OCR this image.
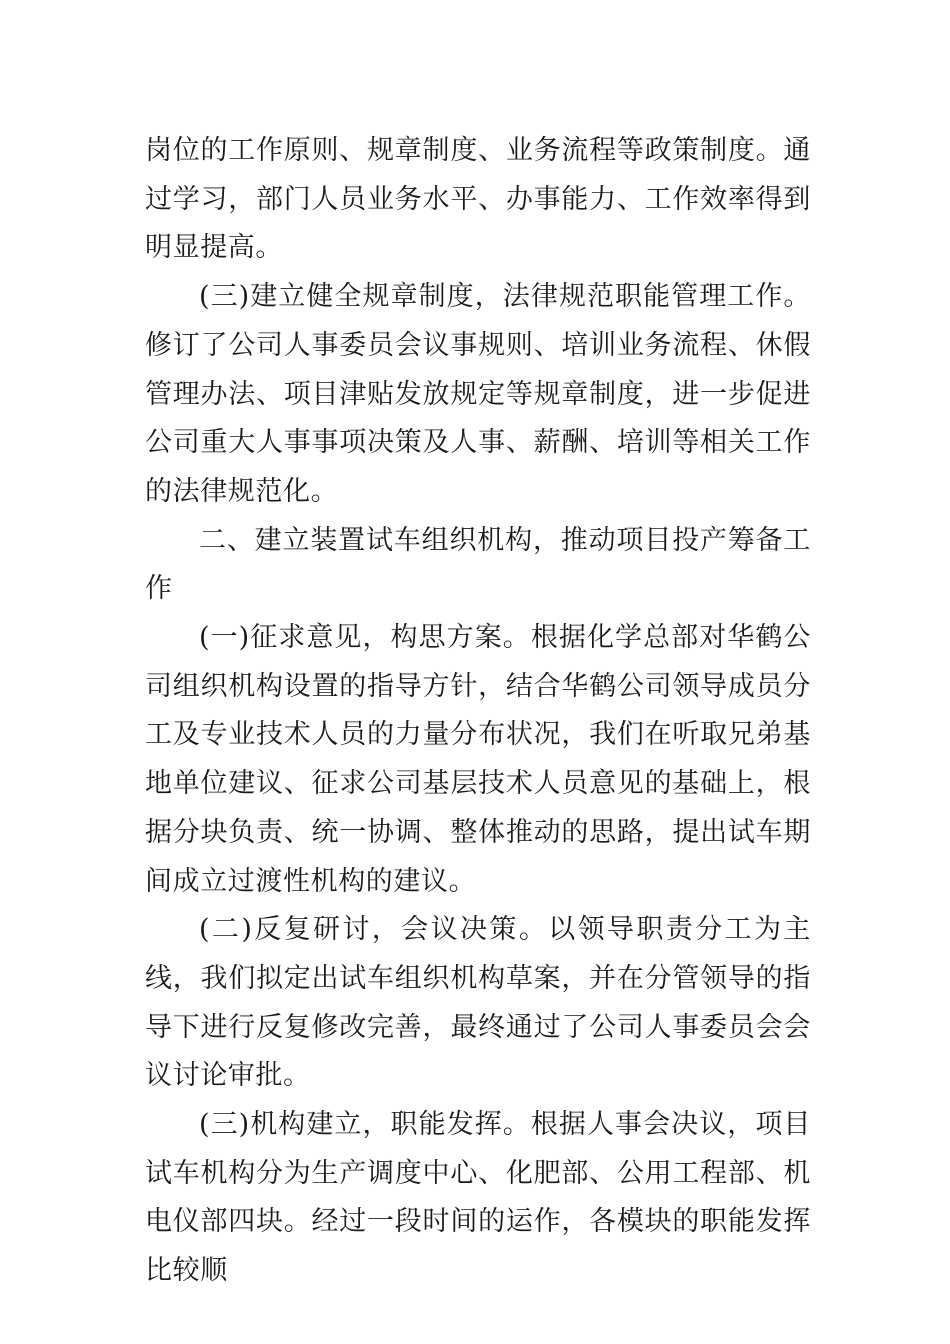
岗位的工作原则、规章制度、业务流程等政策制度。通过学习，部门人员业务水平、办事能力、工作效率得到明显提高。

(三)建立健全规章制度，法律规范职能管理工作。修订了公司人事委员会议事规则、培训业务流程、休假管理办法、项目津贴发放规定等规章制度，进一步促进公司重大人事事项决策及人事、薪酬、培训等相关工作的法律规范化。

二、建立装置试车组织机构，推动项目投产筹备工作

(一)征求意见，构思方案。根据化学总部对华鹤公司组织机构设置的指导方针，结合华鹤公司领导成员分工及专业技术人员的力量分布状况，我们在听取兄弟基地单位建议、征求公司基层技术人员意见的基础上，根据分块负责、统一协调、整体推动的思路，提出试车期间成立过渡性机构的建议。

(二)反复研讨，会议决策。以领导职责分工为主线，我们拟定出试车组织机构草案，并在分管领导的指导下进行反复修改完善，最终通过了公司人事委员会会议讨论审批。

(三)机构建立，职能发挥。根据人事会决议，项目试车机构分为生产调度中心、化肥部、公用工程部、机电仪部四块。经过一段时间的运作，各模块的职能发挥比较顺
